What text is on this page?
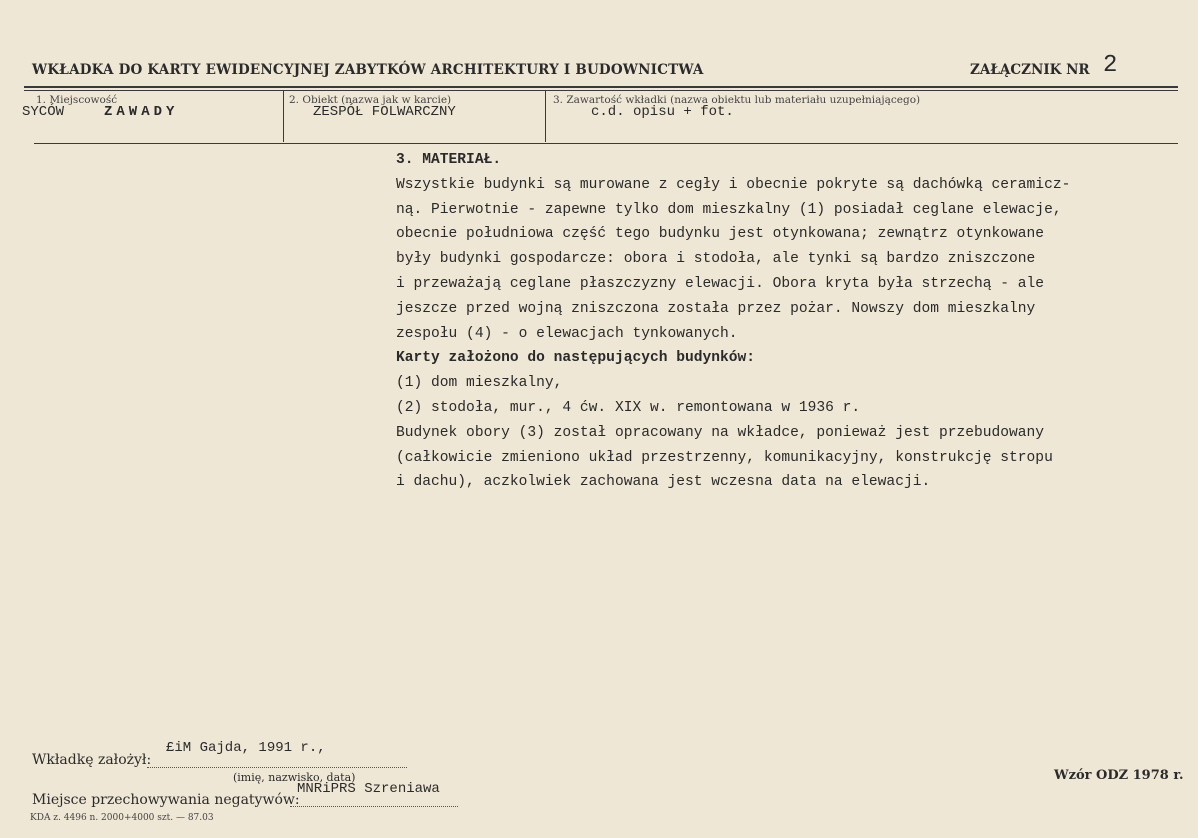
WKŁADKA DO KARTY EWIDENCYJNEJ ZABYTKÓW ARCHITEKTURY I BUDOWNICTWA	ZAŁĄCZNIK NR 2
1. Miejscowość
SYCÓW	ZAWADY
2. Obiekt (nazwa jak w karcie)
ZESPÓŁ FOLWARCZNY
3. Zawartość wkładki (nazwa obiektu lub materiału uzupełniającego)
c.d. opisu + fot.
3. MATERIAŁ.
Wszystkie budynki są murowane z cegły i obecnie pokryte są dachówką ceramicz-
ną. Pierwotnie - zapewne tylko dom mieszkalny (1) posiadał ceglane elewacje,
obecnie południowa część tego budynku jest otynkowana; zewnątrz otynkowane
były budynki gospodarcze: obora i stodoła, ale tynki są bardzo zniszczone
i przeważają ceglane płaszczyzny elewacji. Obora kryta była strzechą - ale
jeszcze przed wojną zniszczona została przez pożar. Nowszy dom mieszkalny
zespołu (4) - o elewacjach tynkowanych.
Karty założono do następujących budynków:
(1) dom mieszkalny,
(2) stodoła, mur., 4 ćw. XIX w. remontowana w 1936 r.
Budynek obory (3) został opracowany na wkładce, ponieważ jest przebudowany
(całkowicie zmieniono układ przestrzenny, komunikacyjny, konstrukcję stropu
i dachu), aczkolwiek zachowana jest wczesna data na elewacji.
Wkładkę założył:
£iM Gajda, 1991 r.,
(imię, nazwisko, data)
Miejsce przechowywania negatywów:
MNRiPRS Szreniawa
Wzór ODZ 1978 r.
KDA z. 4496 n. 2000+4000 szt. — 87.03
